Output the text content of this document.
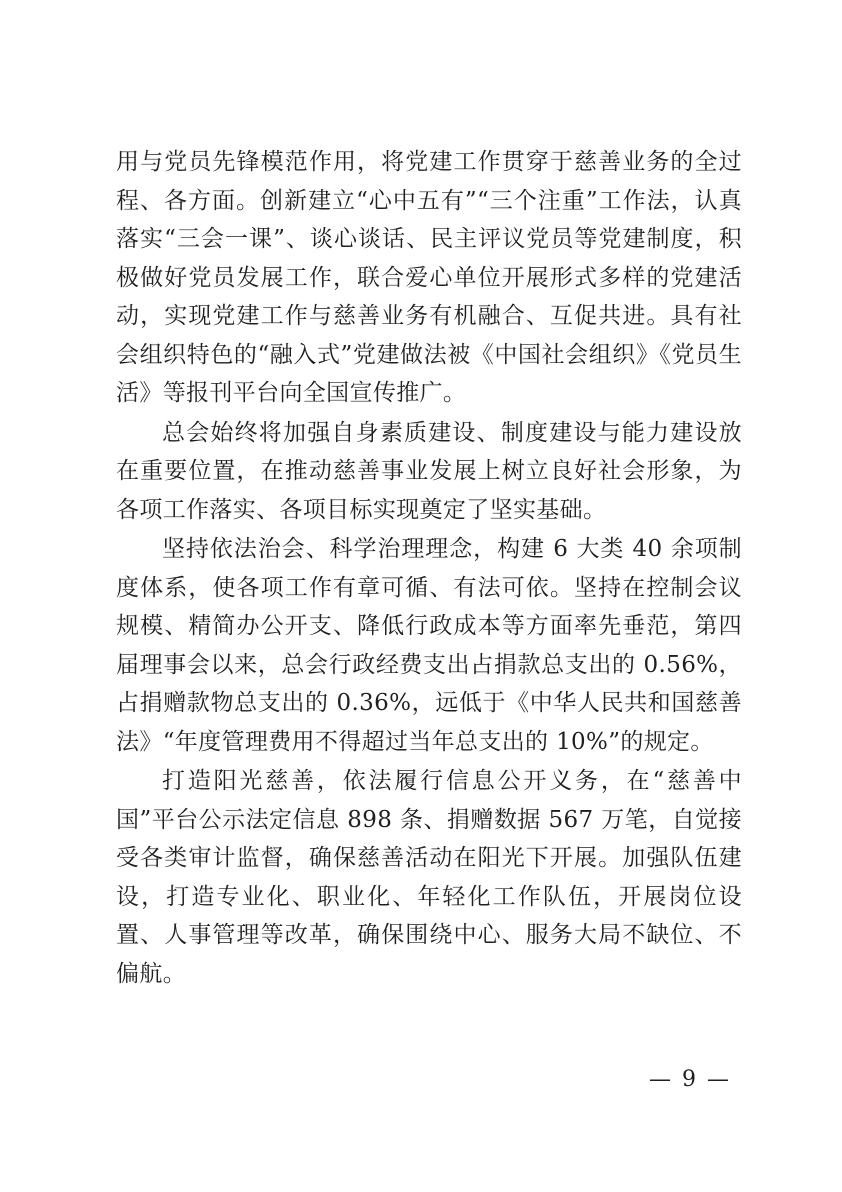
用与党员先锋模范作用，将党建工作贯穿于慈善业务的全过程、各方面。创新建立“心中五有”“三个注重”工作法，认真落实“三会一课”、谈心谈话、民主评议党员等党建制度，积极做好党员发展工作，联合爱心单位开展形式多样的党建活动，实现党建工作与慈善业务有机融合、互促共进。具有社会组织特色的“融入式”党建做法被《中国社会组织》《党员生活》等报刊平台向全国宣传推广。

总会始终将加强自身素质建设、制度建设与能力建设放在重要位置，在推动慈善事业发展上树立良好社会形象，为各项工作落实、各项目标实现奠定了坚实基础。

坚持依法治会、科学治理理念，构建 6 大类 40 余项制度体系，使各项工作有章可循、有法可依。坚持在控制会议规模、精简办公开支、降低行政成本等方面率先垂范，第四届理事会以来，总会行政经费支出占捐款总支出的 0.56%，占捐赠款物总支出的 0.36%，远低于《中华人民共和国慈善法》“年度管理费用不得超过当年总支出的 10%”的规定。

打造阳光慈善，依法履行信息公开义务，在“慈善中国”平台公示法定信息 898 条、捐赠数据 567 万笔，自觉接受各类审计监督，确保慈善活动在阳光下开展。加强队伍建设，打造专业化、职业化、年轻化工作队伍，开展岗位设置、人事管理等改革，确保围绕中心、服务大局不缺位、不偏航。

— 9 —
